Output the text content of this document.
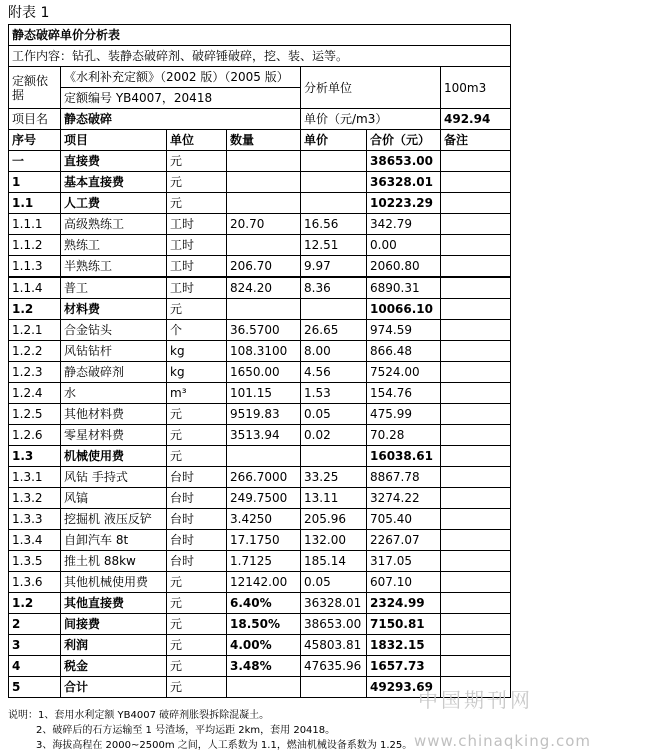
附表 1
静态破碎单价分析表						
工作内容：钻孔、装静态破碎剂、破碎锤破碎，挖、装、运等。						
定额依据	《水利补充定额》（2002 版）（2005 版）			分析单位		100m3
	定额编号 YB4007，20418					
项目名	静态破碎			单价（元/m3）		492.94
序号	项目	单位	数量	单价	合价（元）	备注
一	直接费	元			38653.00	
1	基本直接费	元			36328.01	
1.1	人工费	元			10223.29	
1.1.1	高级熟练工	工时	20.70	16.56	342.79	
1.1.2	熟练工	工时		12.51	0.00	
1.1.3	半熟练工	工时	206.70	9.97	2060.80	
1.1.4	普工	工时	824.20	8.36	6890.31	
1.2	材料费	元			10066.10	
1.2.1	合金钻头	个	36.5700	26.65	974.59	
1.2.2	风钻钻杆	kg	108.3100	8.00	866.48	
1.2.3	静态破碎剂	kg	1650.00	4.56	7524.00	
1.2.4	水	m³	101.15	1.53	154.76	
1.2.5	其他材料费	元	9519.83	0.05	475.99	
1.2.6	零星材料费	元	3513.94	0.02	70.28	
1.3	机械使用费	元			16038.61	
1.3.1	风钻 手持式	台时	266.7000	33.25	8867.78	
1.3.2	风镐	台时	249.7500	13.11	3274.22	
1.3.3	挖掘机 液压反铲	台时	3.4250	205.96	705.40	
1.3.4	自卸汽车 8t	台时	17.1750	132.00	2267.07	
1.3.5	推土机 88kw	台时	1.7125	185.14	317.05	
1.3.6	其他机械使用费	元	12142.00	0.05	607.10	
1.2	其他直接费	元	6.40%	36328.01	2324.99	
2	间接费	元	18.50%	38653.00	7150.81	
3	利润	元	4.00%	45803.81	1832.15	
4	税金	元	3.48%	47635.96	1657.73	
5	合计	元			49293.69	
说明：1、套用水利定额 YB4007 破碎剂胀裂拆除混凝土。
2、破碎后的石方运输至 1 号渣场，平均运距 2km，套用 20418。
3、海拔高程在 2000~2500m 之间，人工系数为 1.1，燃油机械设备系数为 1.25。
中国期刊网
www.chinaqking.com
